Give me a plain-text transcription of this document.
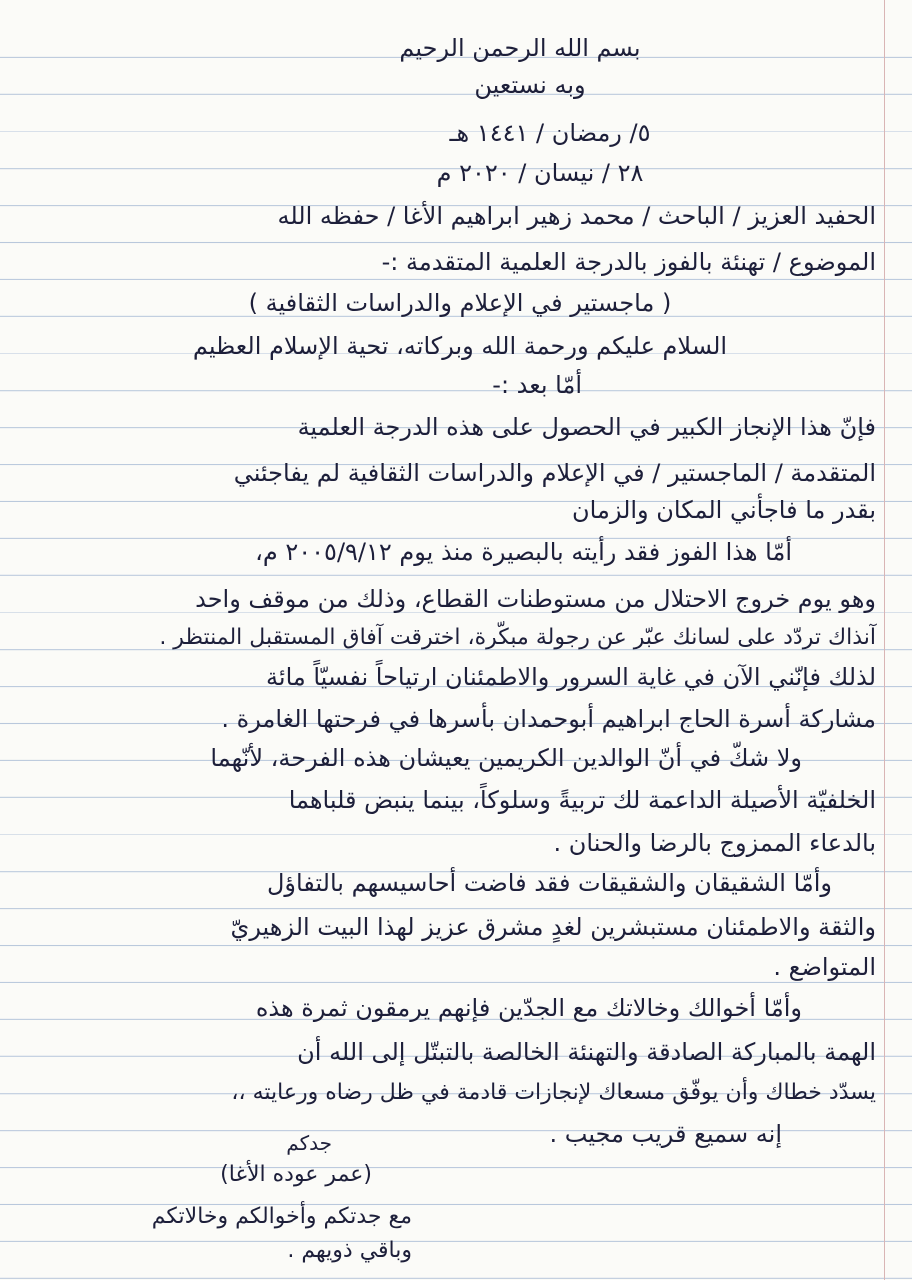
بسم الله الرحمن الرحيم
وبه نستعين
٥/ رمضان / ١٤٤١ هـ
٢٨ / نيسان / ٢٠٢٠ م
الحفيد العزيز / الباحث / محمد زهير ابراهيم الأغا / حفظه الله
الموضوع / تهنئة بالفوز بالدرجة العلمية المتقدمة :-
( ماجستير في الإعلام والدراسات الثقافية )
السلام عليكم ورحمة الله وبركاته، تحية الإسلام العظيم
أمّا بعد :-
فإنّ هذا الإنجاز الكبير في الحصول على هذه الدرجة العلمية
المتقدمة / الماجستير / في الإعلام والدراسات الثقافية لم يفاجئني
بقدر ما فاجأني المكان والزمان
أمّا هذا الفوز فقد رأيته بالبصيرة منذ يوم ٢٠٠٥/٩/١٢ م،
وهو يوم خروج الاحتلال من مستوطنات القطاع، وذلك من موقف واحد
آنذاك تردّد على لسانك عبّر عن رجولة مبكّرة، اخترقت آفاق المستقبل المنتظر .
لذلك فإنّني الآن في غاية السرور والاطمئنان ارتياحاً نفسيّاً مائة
مشاركة أسرة الحاج ابراهيم أبوحمدان بأسرها في فرحتها الغامرة .
ولا شكّ في أنّ الوالدين الكريمين يعيشان هذه الفرحة، لأنّهما
الخلفيّة الأصيلة الداعمة لك تربيةً وسلوكاً، بينما ينبض قلباهما
بالدعاء الممزوج بالرضا والحنان .
وأمّا الشقيقان والشقيقات فقد فاضت أحاسيسهم بالتفاؤل
والثقة والاطمئنان مستبشرين لغدٍ مشرق عزيز لهذا البيت الزهيريّ
المتواضع .
وأمّا أخوالك وخالاتك مع الجدّين فإنهم يرمقون ثمرة هذه
الهمة بالمباركة الصادقة والتهنئة الخالصة بالتبتّل إلى الله أن
يسدّد خطاك وأن يوفّق مسعاك لإنجازات قادمة في ظل رضاه ورعايته ،،
إنه سميع قريب مجيب .
جدكم
(عمر عوده الأغا)
مع جدتكم وأخوالكم وخالاتكم
وباقي ذويهم .
